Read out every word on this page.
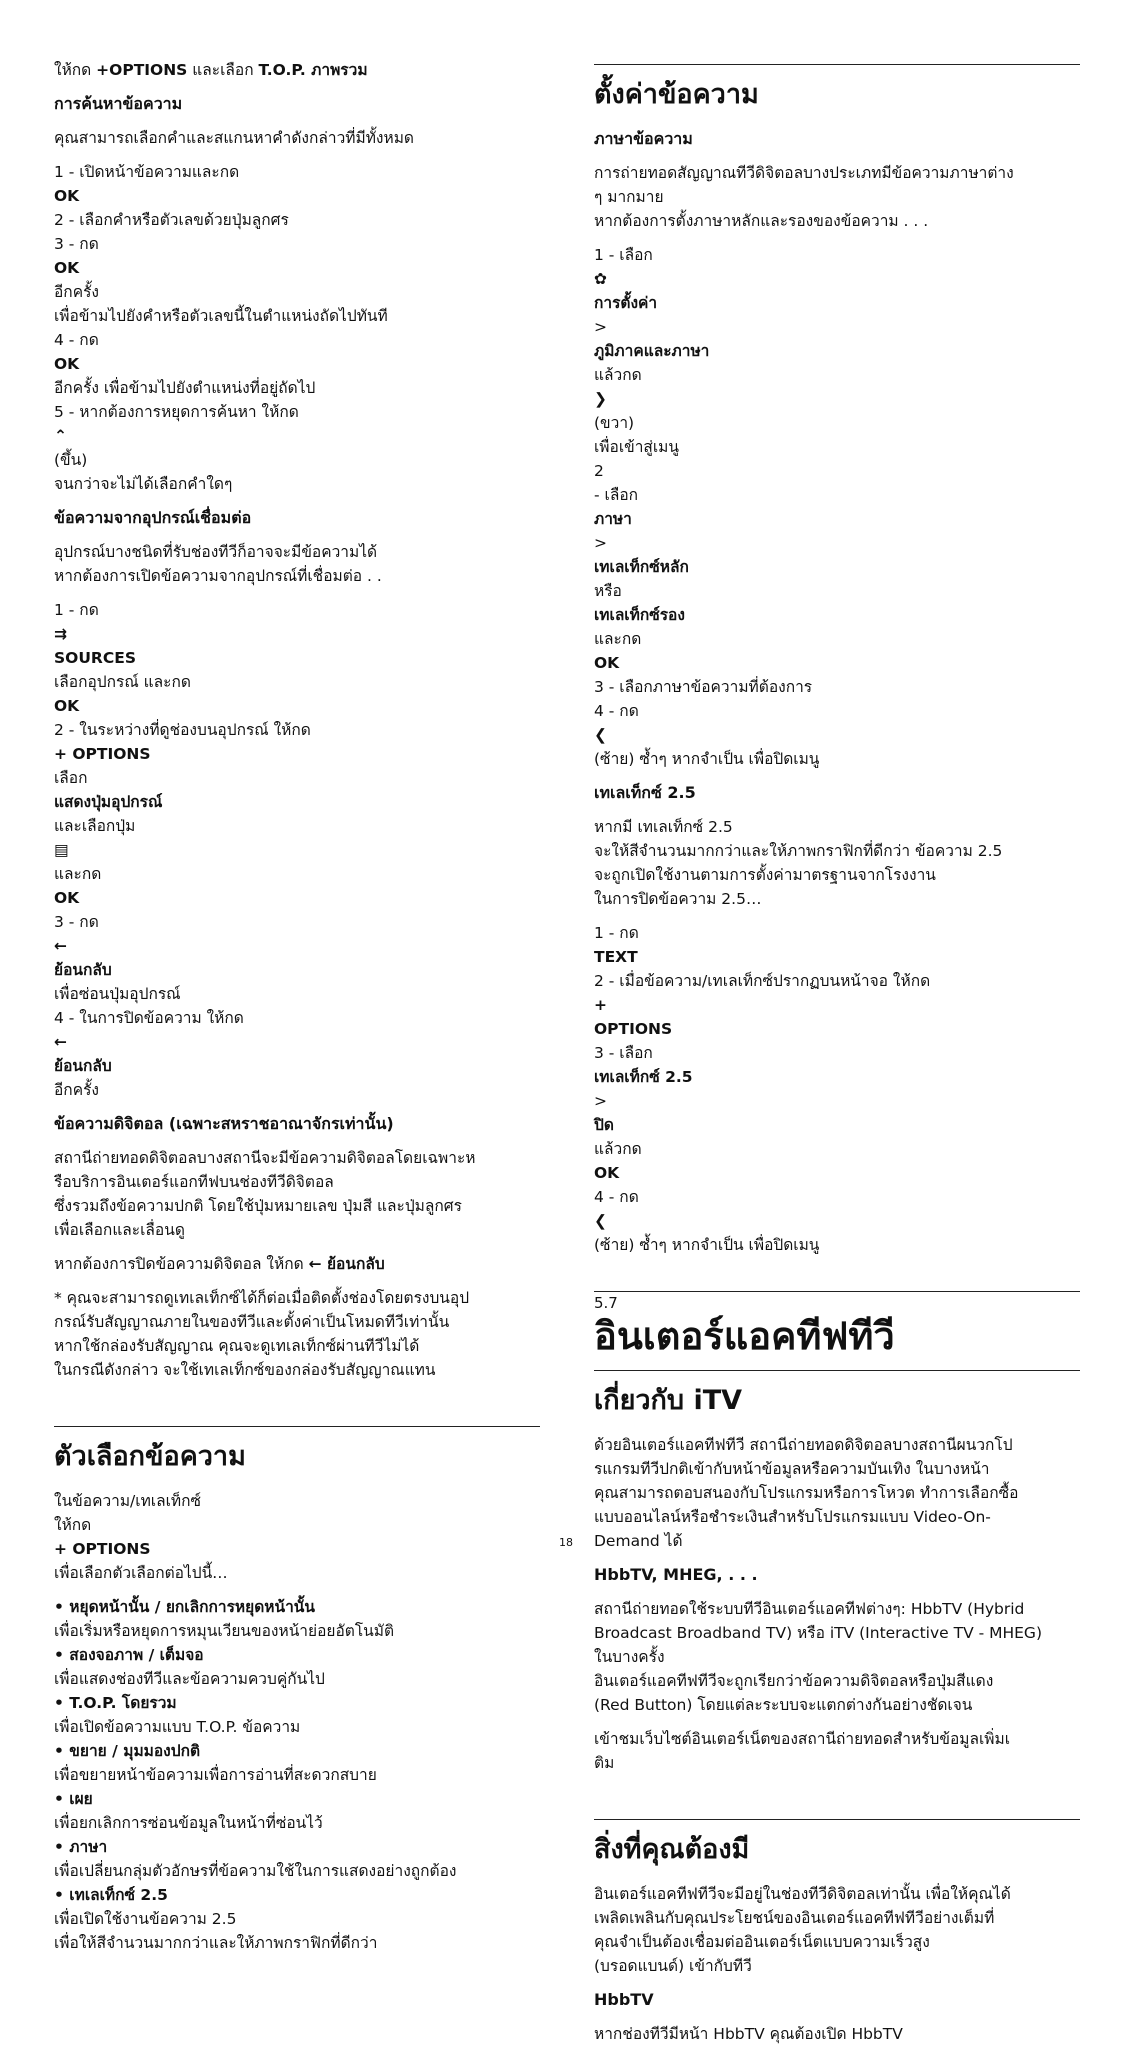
ให้กด +OPTIONS และเลือก T.O.P. ภาพรวม

การค้นหาข้อความ

คุณสามารถเลือกคำและสแกนหาคำดังกล่าวที่มีทั้งหมด

1 - เปิดหน้าข้อความและกด
OK
2 - เลือกคำหรือตัวเลขด้วยปุ่มลูกศร
3 - กด
OK
อีกครั้ง
เพื่อข้ามไปยังคำหรือตัวเลขนี้ในตำแหน่งถัดไปทันที
4 - กด
OK
อีกครั้ง เพื่อข้ามไปยังตำแหน่งที่อยู่ถัดไป
5 - หากต้องการหยุดการค้นหา ให้กด
⌃
(ขึ้น)
จนกว่าจะไม่ได้เลือกคำใดๆ

ข้อความจากอุปกรณ์เชื่อมต่อ

อุปกรณ์บางชนิดที่รับช่องทีวีก็อาจจะมีข้อความได้
หากต้องการเปิดข้อความจากอุปกรณ์ที่เชื่อมต่อ . .

1 - กด
⇉
SOURCES
เลือกอุปกรณ์ และกด
OK
2 - ในระหว่างที่ดูช่องบนอุปกรณ์ ให้กด
+ OPTIONS
เลือก
แสดงปุ่มอุปกรณ์
และเลือกปุ่ม
▤
และกด
OK
3 - กด
←
ย้อนกลับ
เพื่อซ่อนปุ่มอุปกรณ์
4 - ในการปิดข้อความ ให้กด
←
ย้อนกลับ
อีกครั้ง

ข้อความดิจิตอล (เฉพาะสหราชอาณาจักรเท่านั้น)

สถานีถ่ายทอดดิจิตอลบางสถานีจะมีข้อความดิจิตอลโดยเฉพาะห
รือบริการอินเตอร์แอกทีฟบนช่องทีวีดิจิตอล
ซึ่งรวมถึงข้อความปกติ โดยใช้ปุ่มหมายเลข ปุ่มสี และปุ่มลูกศร
เพื่อเลือกและเลื่อนดู

หากต้องการปิดข้อความดิจิตอล ให้กด ← ย้อนกลับ

* คุณจะสามารถดูเทเลเท็กซ์ได้ก็ต่อเมื่อติดตั้งช่องโดยตรงบนอุป
กรณ์รับสัญญาณภายในของทีวีและตั้งค่าเป็นโหมดทีวีเท่านั้น
หากใช้กล่องรับสัญญาณ คุณจะดูเทเลเท็กซ์ผ่านทีวีไม่ได้
ในกรณีดังกล่าว จะใช้เทเลเท็กซ์ของกล่องรับสัญญาณแทน

ตัวเลือกข้อความ

ในข้อความ/เทเลเท็กซ์
ให้กด
+ OPTIONS
เพื่อเลือกตัวเลือกต่อไปนี้…

• หยุดหน้านั้น / ยกเลิกการหยุดหน้านั้น
เพื่อเริ่มหรือหยุดการหมุนเวียนของหน้าย่อยอัตโนมัติ
• สองจอภาพ / เต็มจอ
เพื่อแสดงช่องทีวีและข้อความควบคู่กันไป
• T.O.P. โดยรวม
เพื่อเปิดข้อความแบบ T.O.P. ข้อความ
• ขยาย / มุมมองปกติ
เพื่อขยายหน้าข้อความเพื่อการอ่านที่สะดวกสบาย
• เผย
เพื่อยกเลิกการซ่อนข้อมูลในหน้าที่ซ่อนไว้
• ภาษา
เพื่อเปลี่ยนกลุ่มตัวอักษรที่ข้อความใช้ในการแสดงอย่างถูกต้อง
• เทเลเท็กซ์ 2.5
เพื่อเปิดใช้งานข้อความ 2.5
เพื่อให้สีจำนวนมากกว่าและให้ภาพกราฟิกที่ดีกว่า

ตั้งค่าข้อความ
ภาษาข้อความ

การถ่ายทอดสัญญาณทีวีดิจิตอลบางประเภทมีข้อความภาษาต่าง
ๆ มากมาย
หากต้องการตั้งภาษาหลักและรองของข้อความ . . .

1 - เลือก
✿
การตั้งค่า
>
ภูมิภาคและภาษา
แล้วกด
❯
(ขวา)
เพื่อเข้าสู่เมนู
2
- เลือก
ภาษา
>
เทเลเท็กซ์หลัก
หรือ
เทเลเท็กซ์รอง
และกด
OK
3 - เลือกภาษาข้อความที่ต้องการ
4 - กด
❮
(ซ้าย) ซ้ำๆ หากจำเป็น เพื่อปิดเมนู

เทเลเท็กซ์ 2.5

หากมี เทเลเท็กซ์ 2.5
จะให้สีจำนวนมากกว่าและให้ภาพกราฟิกที่ดีกว่า ข้อความ 2.5
จะถูกเปิดใช้งานตามการตั้งค่ามาตรฐานจากโรงงาน
ในการปิดข้อความ 2.5…

1 - กด
TEXT
2 - เมื่อข้อความ/เทเลเท็กซ์ปรากฏบนหน้าจอ ให้กด
+
OPTIONS
3 - เลือก
เทเลเท็กซ์ 2.5
>
ปิด
แล้วกด
OK
4 - กด
❮
(ซ้าย) ซ้ำๆ หากจำเป็น เพื่อปิดเมนู

5.7
อินเตอร์แอคทีฟทีวี
เกี่ยวกับ iTV

ด้วยอินเตอร์แอคทีฟทีวี สถานีถ่ายทอดดิจิตอลบางสถานีผนวกโป
รแกรมทีวีปกติเข้ากับหน้าข้อมูลหรือความบันเทิง ในบางหน้า
คุณสามารถตอบสนองกับโปรแกรมหรือการโหวต ทำการเลือกซื้อ
แบบออนไลน์หรือชำระเงินสำหรับโปรแกรมแบบ Video-On-
Demand ได้

HbbTV, MHEG, . . .

สถานีถ่ายทอดใช้ระบบทีวีอินเตอร์แอคทีฟต่างๆ: HbbTV (Hybrid
Broadcast Broadband TV) หรือ iTV (Interactive TV - MHEG)
ในบางครั้ง
อินเตอร์แอคทีฟทีวีจะถูกเรียกว่าข้อความดิจิตอลหรือปุ่มสีแดง
(Red Button) โดยแต่ละระบบจะแตกต่างกันอย่างชัดเจน

เข้าชมเว็บไซต์อินเตอร์เน็ตของสถานีถ่ายทอดสำหรับข้อมูลเพิ่มเ
ติม

สิ่งที่คุณต้องมี

อินเตอร์แอคทีฟทีวีจะมีอยู่ในช่องทีวีดิจิตอลเท่านั้น เพื่อให้คุณได้
เพลิดเพลินกับคุณประโยชน์ของอินเตอร์แอคทีฟทีวีอย่างเต็มที่
คุณจำเป็นต้องเชื่อมต่ออินเตอร์เน็ตแบบความเร็วสูง
(บรอดแบนด์) เข้ากับทีวี

HbbTV

หากช่องทีวีมีหน้า HbbTV คุณต้องเปิด HbbTV

18
